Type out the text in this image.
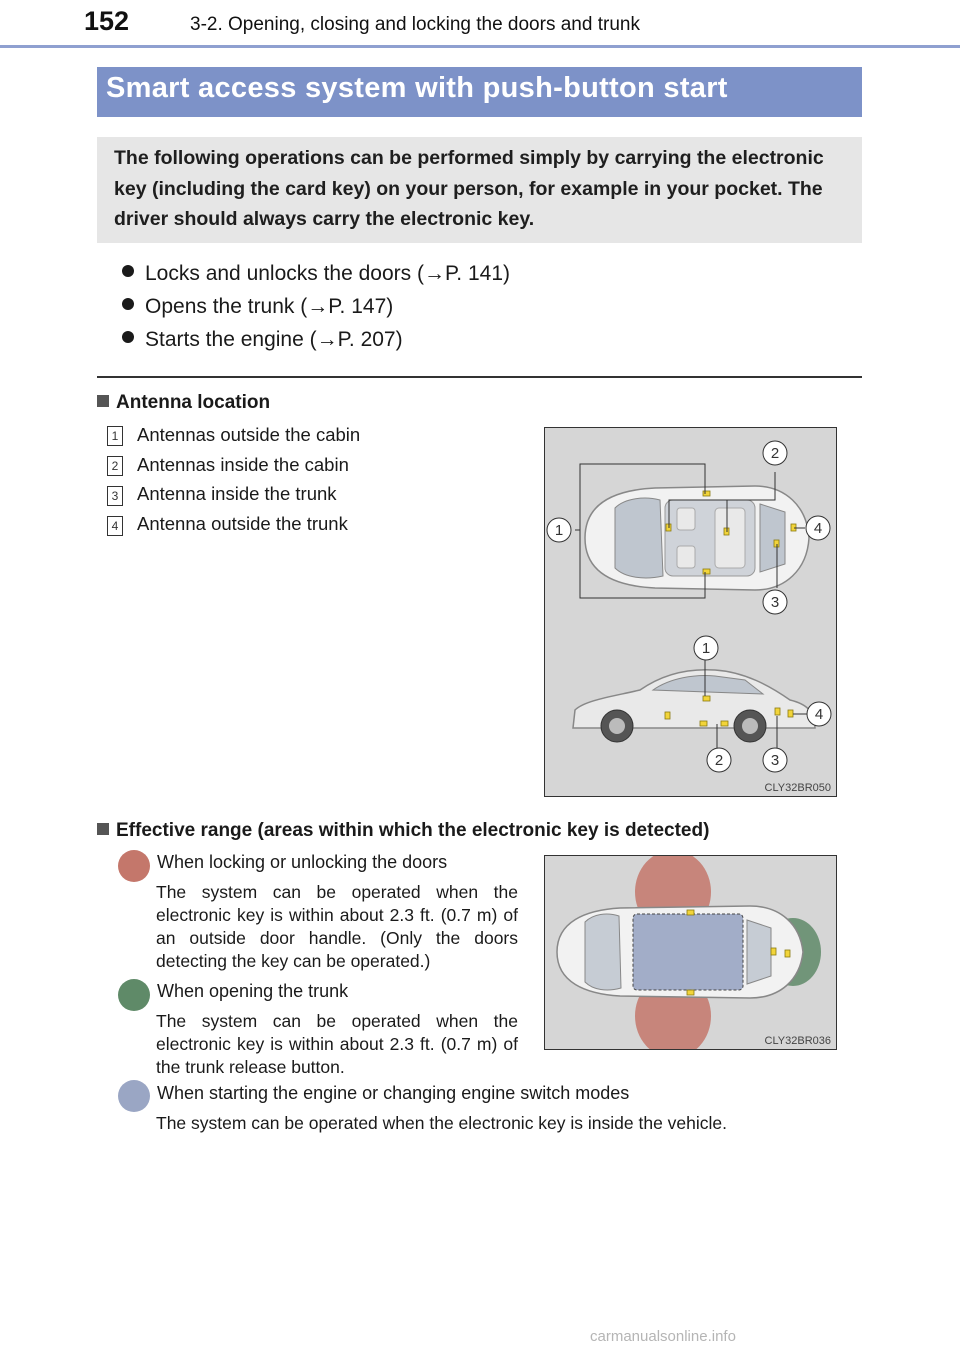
152	3-2. Opening, closing and locking the doors and trunk
Smart access system with push-button start

The following operations can be performed simply by carrying the electronic key (including the card key) on your person, for example in your pocket. The driver should always carry the electronic key.

Locks and unlocks the doors (→P. 141)
Opens the trunk (→P. 147)
Starts the engine (→P. 207)
Antenna location
1 Antennas outside the cabin
2 Antennas inside the cabin
3 Antenna inside the trunk
4 Antenna outside the trunk	1
2
4
3
1
4
2	3
CLY32BR050
Effective range (areas within which the electronic key is detected)
When locking or unlocking the doors

The system can be operated when the electronic key is within about 2.3 ft. (0.7 m) of an outside door handle. (Only the doors detecting the key can be operated.)

When opening the trunk

The system can be operated when the electronic key is within about 2.3 ft. (0.7 m) of the trunk release button.

When starting the engine or changing engine switch modes
The system can be operated when the electronic key is inside the vehicle.
CLY32BR036
carmanualsonline.info
